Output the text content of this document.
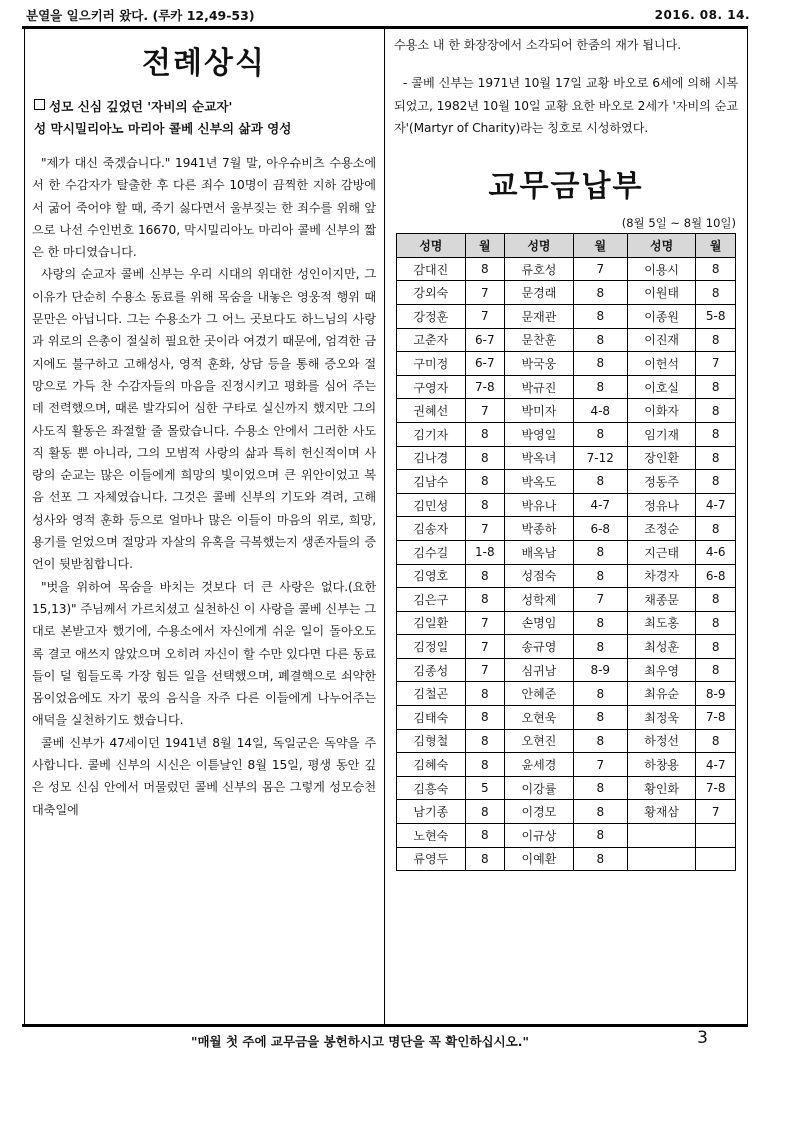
분열을 일으키러 왔다. (루카 12,49-53)	2016. 08. 14.
전례상식
성모 신심 깊었던 '자비의 순교자'
성 막시밀리아노 마리아 콜베 신부의 삶과 영성

"제가 대신 죽겠습니다." 1941년 7월 말, 아우슈비츠 수용소에서 한 수감자가 탈출한 후 다른 죄수 10명이 끔찍한 지하 감방에서 굶어 죽어야 할 때, 죽기 싫다면서 울부짖는 한 죄수를 위해 앞으로 나선 수인번호 16670, 막시밀리아노 마리아 콜베 신부의 짧은 한 마디였습니다.

사랑의 순교자 콜베 신부는 우리 시대의 위대한 성인이지만, 그 이유가 단순히 수용소 동료를 위해 목숨을 내놓은 영웅적 행위 때문만은 아닙니다. 그는 수용소가 그 어느 곳보다도 하느님의 사랑과 위로의 은총이 절실히 필요한 곳이라 여겼기 때문에, 엄격한 금지에도 불구하고 고해성사, 영적 훈화, 상담 등을 통해 증오와 절망으로 가득 찬 수감자들의 마음을 진정시키고 평화를 심어 주는데 전력했으며, 때론 발각되어 심한 구타로 실신까지 했지만 그의 사도직 활동은 좌절할 줄 몰랐습니다. 수용소 안에서 그러한 사도직 활동 뿐 아니라, 그의 모범적 사랑의 삶과 특히 헌신적이며 사랑의 순교는 많은 이들에게 희망의 빛이었으며 큰 위안이었고 복음 선포 그 자체였습니다. 그것은 콜베 신부의 기도와 격려, 고해 성사와 영적 훈화 등으로 얼마나 많은 이들이 마음의 위로, 희망, 용기를 얻었으며 절망과 자살의 유혹을 극복했는지 생존자들의 증언이 뒷받침합니다.

"벗을 위하여 목숨을 바치는 것보다 더 큰 사랑은 없다.(요한 15,13)" 주님께서 가르치셨고 실천하신 이 사랑을 콜베 신부는 그대로 본받고자 했기에, 수용소에서 자신에게 쉬운 일이 돌아오도록 결코 애쓰지 않았으며 오히려 자신이 할 수만 있다면 다른 동료들이 덜 힘들도록 가장 힘든 일을 선택했으며, 폐결핵으로 쇠약한 몸이었음에도 자기 몫의 음식을 자주 다른 이들에게 나누어주는 애덕을 실천하기도 했습니다.

콜베 신부가 47세이던 1941년 8월 14일, 독일군은 독약을 주사합니다. 콜베 신부의 시신은 이튿날인 8월 15일, 평생 동안 깊은 성모 신심 안에서 머물렀던 콜베 신부의 몸은 그렇게 성모승천대축일에

수용소 내 한 화장장에서 소각되어 한줌의 재가 됩니다.

- 콜베 신부는 1971년 10월 17일 교황 바오로 6세에 의해 시복되었고, 1982년 10월 10일 교황 요한 바오로 2세가 '자비의 순교자'(Martyr of Charity)라는 칭호로 시성하였다.

교무금납부
(8월 5일 ~ 8월 10일)
성명	월	성명	월	성명	월
감대진	8	류호성	7	이용시	8
강외숙	7	문경래	8	이원태	8
강정훈	7	문재관	8	이종원	5-8
고춘자	6-7	문찬훈	8	이진재	8
구미정	6-7	박국웅	8	이헌석	7
구영자	7-8	박규진	8	이호실	8
권혜선	7	박미자	4-8	이화자	8
김기자	8	박영일	8	임기재	8
김나경	8	박옥녀	7-12	장인환	8
김남수	8	박옥도	8	정동주	8
김민성	8	박유나	4-7	정유나	4-7
김송자	7	박종하	6-8	조정순	8
김수길	1-8	배옥남	8	지근태	4-6
김영호	8	성점숙	8	차경자	6-8
김은구	8	성학제	7	채종문	8
김일환	7	손명임	8	최도홍	8
김정일	7	송규영	8	최성훈	8
김종성	7	심귀남	8-9	최우영	8
김철곤	8	안혜준	8	최유순	8-9
김태숙	8	오현욱	8	최정욱	7-8
김형철	8	오현진	8	하정선	8
김혜숙	8	윤세경	7	하창용	4-7
김흥숙	5	이강률	8	황인화	7-8
남기종	8	이경모	8	황재삼	7
노현숙	8	이규상	8		
류영두	8	이예환	8		
"매월 첫 주에 교무금을 봉헌하시고 명단을 꼭 확인하십시오."	3
